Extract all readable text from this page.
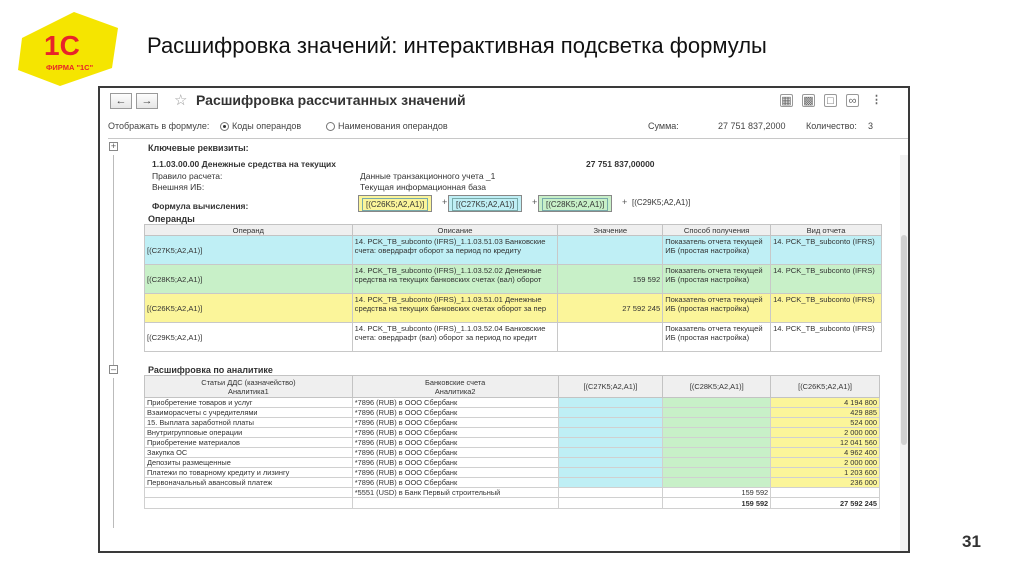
1С
ФИРМА "1С"
Расшифровка значений: интерактивная подсветка формулы
←	→	☆ Расшифровка рассчитанных значений	▦ ▩ □ ∞ ⋮
Отображать в формуле:	Коды операндов	Наименования операндов	Сумма:	27 751 837,2000 Количество: 3
+
–
Ключевые реквизиты:
1.1.03.00.00 Денежные средства на текущих	27 751 837,00000
Правило расчета:	Данные транзакционного учета _1
Внешняя ИБ:	Текущая информационная база
Формула вычисления:	[(C26K5;A2,A1)]	+	[(C27K5;A2,A1)]	+	[(C28K5;A2,A1)]	+ [(C29K5;A2,A1)]
Операнды
Операнд	Описание	Значение	Способ получения	Вид отчета
[(C27K5;A2,A1)]	14. PCK_TB_subconto (IFRS)_1.1.03.51.03 Банковские счета: овердрафт оборот за период по кредиту		Показатель отчета текущей ИБ (простая настройка)	14. PCK_TB_subconto (IFRS)
[(C28K5;A2,A1)]	14. PCK_TB_subconto (IFRS)_1.1.03.52.02 Денежные средства на текущих банковских счетах (вал) оборот	159 592	Показатель отчета текущей ИБ (простая настройка)	14. PCK_TB_subconto (IFRS)
[(C26K5;A2,A1)]	14. PCK_TB_subconto (IFRS)_1.1.03.51.01 Денежные средства на текущих банковских счетах оборот за пер	27 592 245	Показатель отчета текущей ИБ (простая настройка)	14. PCK_TB_subconto (IFRS)
[(C29K5;A2,A1)]	14. PCK_TB_subconto (IFRS)_1.1.03.52.04 Банковские счета: овердрафт (вал) оборот за период по кредит		Показатель отчета текущей ИБ (простая настройка)	14. PCK_TB_subconto (IFRS)
Расшифровка по аналитике
Статьи ДДС (казначейство)
Аналитика1	Банковские счета
Аналитика2	[(C27K5;A2,A1)]	[(C28K5;A2,A1)]	[(C26K5;A2,A1)]
Приобретение товаров и услуг	*7896 (RUB) в ООО Сбербанк			4 194 800
Взаиморасчеты с учредителями	*7896 (RUB) в ООО Сбербанк			429 885
15. Выплата заработной платы	*7896 (RUB) в ООО Сбербанк			524 000
Внутригрупповые операции	*7896 (RUB) в ООО Сбербанк			2 000 000
Приобретение материалов	*7896 (RUB) в ООО Сбербанк			12 041 560
Закупка ОС	*7896 (RUB) в ООО Сбербанк			4 962 400
Депозиты размещенные	*7896 (RUB) в ООО Сбербанк			2 000 000
Платежи по товарному кредиту и лизингу	*7896 (RUB) в ООО Сбербанк			1 203 600
Первоначальный авансовый платеж	*7896 (RUB) в ООО Сбербанк			236 000
	*5551 (USD) в Банк Первый строительный		159 592	
			159 592	27 592 245
31
